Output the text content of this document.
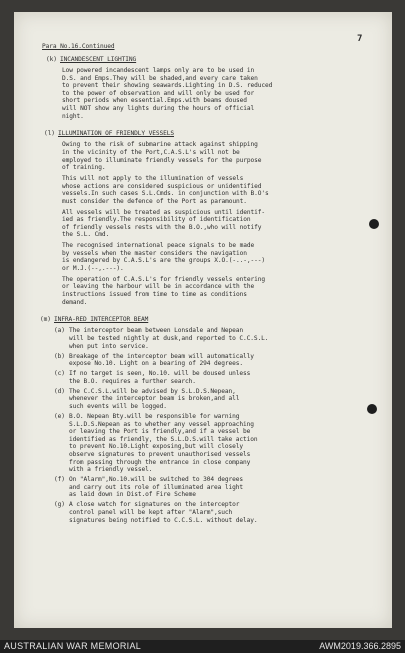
7
Para No.16.Continued
(k) INCANDESCENT LIGHTING
Low powered incandescent lamps only are to be used in
D.S. and Emps.They will be shaded,and every care taken
to prevent their showing seawards.Lighting in D.S. reduced
to the power of observation and will only be used for
short periods when essential.Emps.with beams doused
will NOT show any lights during the hours of official
night.
(l) ILLUMINATION OF FRIENDLY VESSELS
Owing to the risk of submarine attack against shipping
in the vicinity of the Port,C.A.S.L's will not be
employed to illuminate friendly vessels for the purpose
of training.
This will not apply to the illumination of vessels
whose actions are considered suspicious or unidentified
vessels.In such cases S.L.Cmds. in conjunction with B.O's
must consider the defence of the Port as paramount.
All vessels will be treated as suspicious until identif-
ied as friendly.The responsibility of identification
of friendly vessels rests with the B.O.,who will notify
the S.L. Cmd.
The recognised international peace signals to be made
by vessels when the master considers the navigation
is endangered by C.A.S.L's are the groups X.O.(-..-,---)
or M.J.(--,.---).
The operation of C.A.S.L's for friendly vessels entering
or leaving the harbour will be in accordance with the
instructions issued from time to time as conditions
demand.
(m) INFRA-RED INTERCEPTOR BEAM
(a) The interceptor beam between Lonsdale and Nepean
will be tested nightly at dusk,and reported to C.C.S.L.
when put into service.
(b) Breakage of the interceptor beam will automatically
expose No.10. Light on a bearing of 294 degrees.
(c) If no target is seen, No.10. will be doused unless
the B.O. requires a further search.
(d) The C.C.S.L.will be advised by S.L.D.S.Nepean,
whenever the interceptor beam is broken,and all
such events will be logged.
(e) B.O. Nepean Bty.will be responsible for warning
S.L.D.S.Nepean as to whether any vessel approaching
or leaving the Port is friendly,and if a vessel be
identified as friendly, the S.L.D.S.will take action
to prevent No.10.Light exposing,but will closely
observe signatures to prevent unauthorised vessels
from passing through the entrance in close company
with a friendly vessel.
(f) On "Alarm",No.10.will be switched to 304 degrees
and carry out its role of illuminated area light
as laid down in Dist.of Fire Scheme
(g) A close watch for signatures on the interceptor
control panel will be kept after "Alarm",such
signatures being notified to C.C.S.L. without delay.
AUSTRALIAN WAR MEMORIAL	AWM2019.366.2895
